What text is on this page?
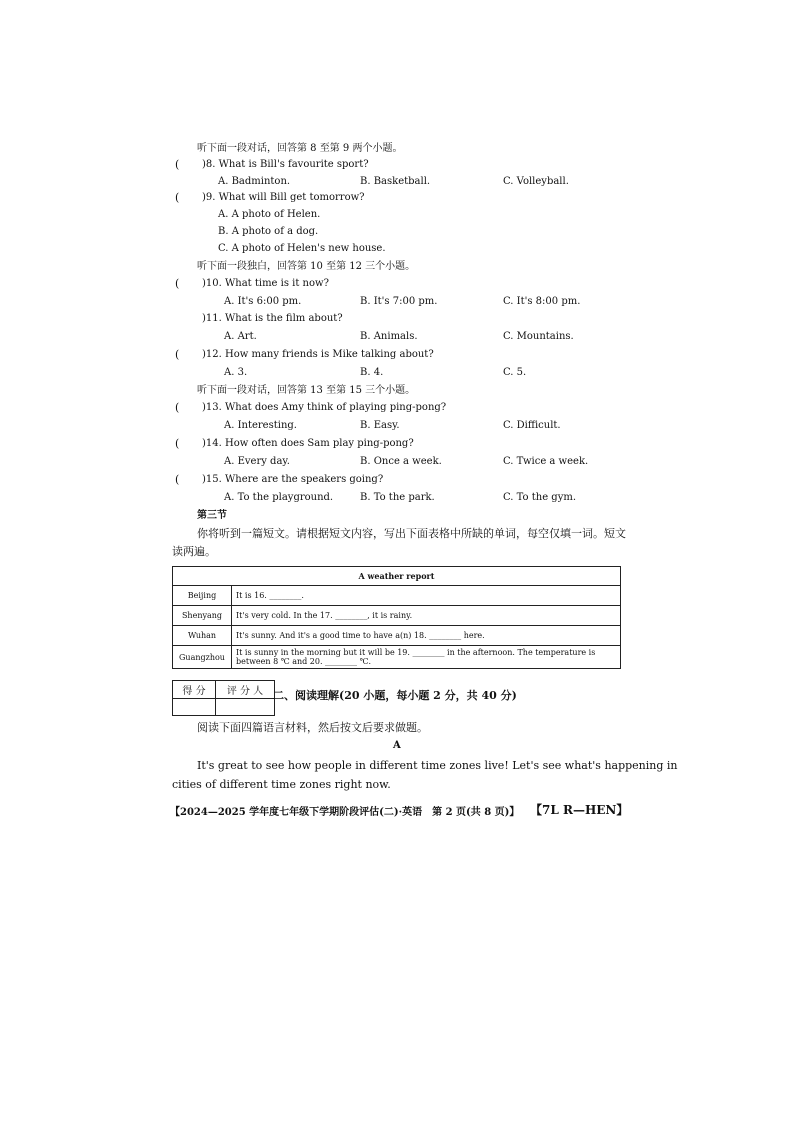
听下面一段对话，回答第 8 至第 9 两个小题。
( )8. What is Bill's favourite sport?
A. Badminton.	B. Basketball.	C. Volleyball.
( )9. What will Bill get tomorrow?
A. A photo of Helen.
B. A photo of a dog.
C. A photo of Helen's new house.
听下面一段独白，回答第 10 至第 12 三个小题。
( )10. What time is it now?
A. It's 6:00 pm.	B. It's 7:00 pm.	C. It's 8:00 pm.
)11. What is the film about?
A. Art.	B. Animals.	C. Mountains.
( )12. How many friends is Mike talking about?
A. 3.	B. 4.	C. 5.
听下面一段对话，回答第 13 至第 15 三个小题。
( )13. What does Amy think of playing ping-pong?
A. Interesting.	B. Easy.	C. Difficult.
( )14. How often does Sam play ping-pong?
A. Every day.	B. Once a week.	C. Twice a week.
( )15. Where are the speakers going?
A. To the playground.	B. To the park.	C. To the gym.
第三节
你将听到一篇短文。请根据短文内容，写出下面表格中所缺的单词，每空仅填一词。短文
读两遍。
A weather report	
Beijing	It is 16. ________.
Shenyang	It's very cold. In the 17. ________, it is rainy.
Wuhan	It's sunny. And it's a good time to have a(n) 18. ________ here.
Guangzhou	It is sunny in the morning but it will be 19. ________ in the afternoon. The temperature is
between 8 ℃ and 20. ________ ℃.
得 分	评 分 人
	二、阅读理解(20 小题，每小题 2 分，共 40 分)
阅读下面四篇语言材料，然后按文后要求做题。
A
It's great to see how people in different time zones live! Let's see what's happening in
cities of different time zones right now.
【2024—2025 学年度七年级下学期阶段评估(二)·英语　第 2 页(共 8 页)】 【7L R—HEN】
